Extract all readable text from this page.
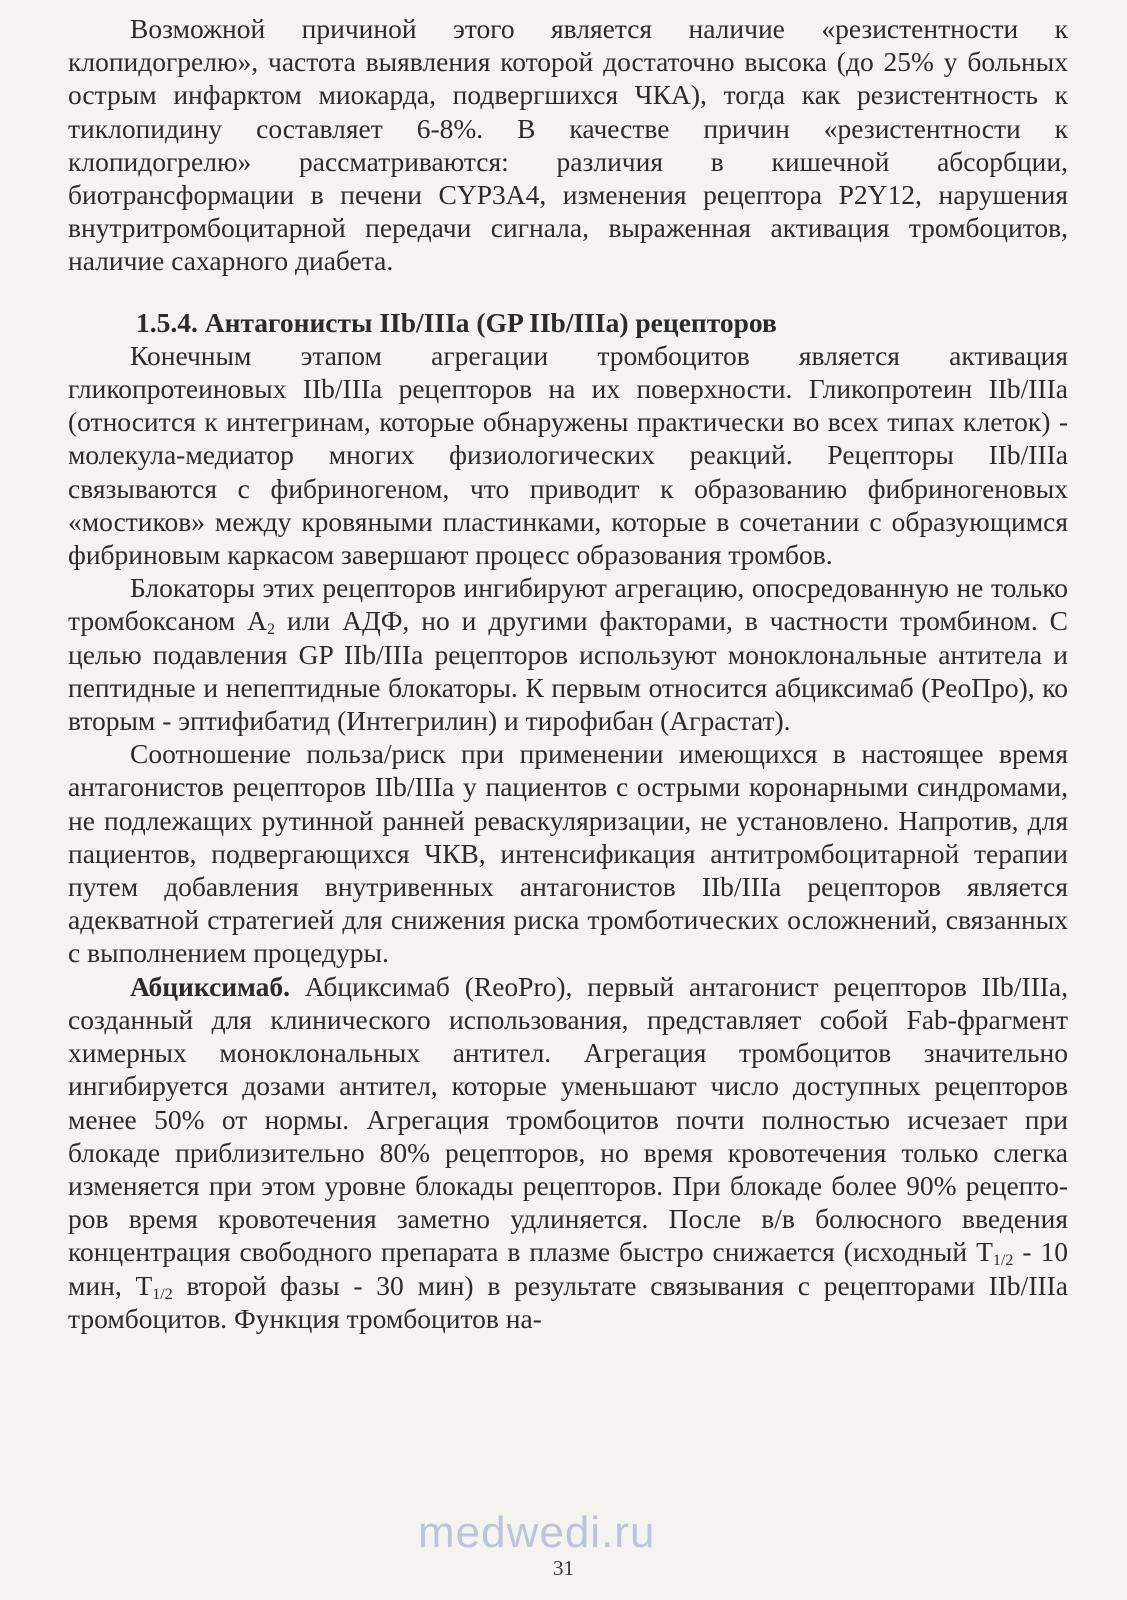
Возможной причиной этого является наличие «резистентности к клопидогрелю», частота выявления которой достаточно высока (до 25% у больных острым инфарктом миокарда, подвергшихся ЧКА), тогда как резистентность к тиклопидину составляет 6-8%. В качестве причин «резистентности к клопидогрелю» рассматриваются: различия в кишечной абсорбции, биотрансформации в печени CYP3A4, изменения рецептора P2Y12, нарушения внутритромбоцитарной передачи сигнала, выраженная активация тромбоцитов, наличие сахарного диабета.

1.5.4. Антагонисты IIb/IIIa (GP IIb/IIIa) рецепторов

Конечным этапом агрегации тромбоцитов является активация гликопротеиновых IIb/IIIa рецепторов на их поверхности. Гликопротеин IIb/IIIa (относится к интегринам, которые обнаружены практически во всех типах клеток) - молекула-медиатор многих физиологических реакций. Рецепторы IIb/IIIa связываются с фибриногеном, что приводит к образованию фибриногеновых «мостиков» между кровяными пластинками, которые в сочетании с образующимся фибриновым каркасом завершают процесс образования тромбов.

Блокаторы этих рецепторов ингибируют агрегацию, опосредованную не только тромбоксаном $А_2$ или АДФ, но и другими факторами, в частности тромбином. С целью подавления GP IIb/IIIa рецепторов используют моноклональные антитела и пептидные и непептидные блокаторы. К первым относится абциксимаб (РеоПро), ко вторым - эптифибатид (Интегрилин) и тирофибан (Аграстат).

Соотношение польза/риск при применении имеющихся в настоящее время антагонистов рецепторов IIb/IIIa у пациентов с острыми коронарными синдромами, не подлежащих рутинной ранней реваскуляризации, не установлено. Напротив, для пациентов, подвергающихся ЧКВ, интенсификация антитромбоцитарной терапии путем добавления внутривенных антагонистов IIb/IIIa рецепторов является адекватной стратегией для снижения риска тромботических осложнений, связанных с выполнением процедуры.

Абциксимаб. Абциксимаб (ReoPro), первый антагонист рецепторов IIb/IIIa, созданный для клинического использования, представляет собой Fab-фрагмент химерных моноклональных антител. Агрегация тромбоцитов значительно ингибируется дозами антител, которые уменьшают число доступных рецепторов менее 50% от нормы. Агрегация тромбоцитов почти полностью исчезает при блокаде приблизительно 80% рецепторов, но время кровотечения только слегка изменяется при этом уровне блокады рецепторов. При блокаде более 90% рецепторов время кровотечения заметно удлиняется. После в/в болюсного введения концентрация свободного препарата в плазме быстро снижается (исходный $Т_{1/2} - 10$ мин, $Т_{1/2}$ второй фазы - 30 мин) в результате связывания с рецепторами IIb/IIIa тромбоцитов. Функция тромбоцитов на-

medwedi.ru
31
